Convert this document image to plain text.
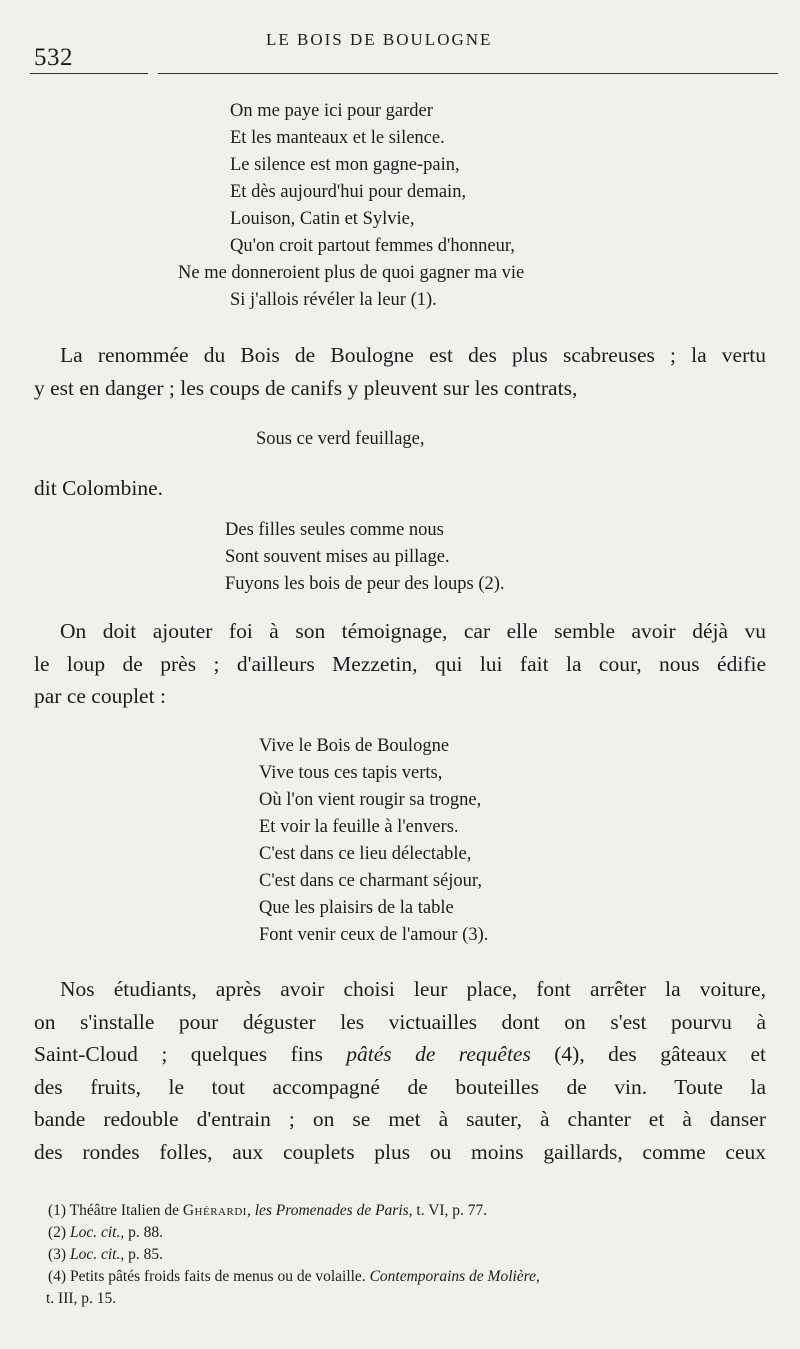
532
LE BOIS DE BOULOGNE
On me paye ici pour garder
Et les manteaux et le silence.
Le silence est mon gagne-pain,
Et dès aujourd'hui pour demain,
Louison, Catin et Sylvie,
Qu'on croit partout femmes d'honneur,
Ne me donneroient plus de quoi gagner ma vie
Si j'allois révéler la leur (1).
La renommée du Bois de Boulogne est des plus scabreuses ; la vertu
y est en danger ; les coups de canifs y pleuvent sur les contrats,
Sous ce verd feuillage,
dit Colombine.
Des filles seules comme nous
Sont souvent mises au pillage.
Fuyons les bois de peur des loups (2).
On doit ajouter foi à son témoignage, car elle semble avoir déjà vu
le loup de près ; d'ailleurs Mezzetin, qui lui fait la cour, nous édifie
par ce couplet :
Vive le Bois de Boulogne
Vive tous ces tapis verts,
Où l'on vient rougir sa trogne,
Et voir la feuille à l'envers.
C'est dans ce lieu délectable,
C'est dans ce charmant séjour,
Que les plaisirs de la table
Font venir ceux de l'amour (3).
Nos étudiants, après avoir choisi leur place, font arrêter la voiture,
on s'installe pour déguster les victuailles dont on s'est pourvu à
Saint-Cloud ; quelques fins pâtés de requêtes (4), des gâteaux et
des fruits, le tout accompagné de bouteilles de vin. Toute la
bande redouble d'entrain ; on se met à sauter, à chanter et à danser
des rondes folles, aux couplets plus ou moins gaillards, comme ceux
(1) Théâtre Italien de Ghérardi, les Promenades de Paris, t. VI, p. 77.
(2) Loc. cit., p. 88.
(3) Loc. cit., p. 85.
(4) Petits pâtés froids faits de menus ou de volaille. Contemporains de Molière,
t. III, p. 15.
